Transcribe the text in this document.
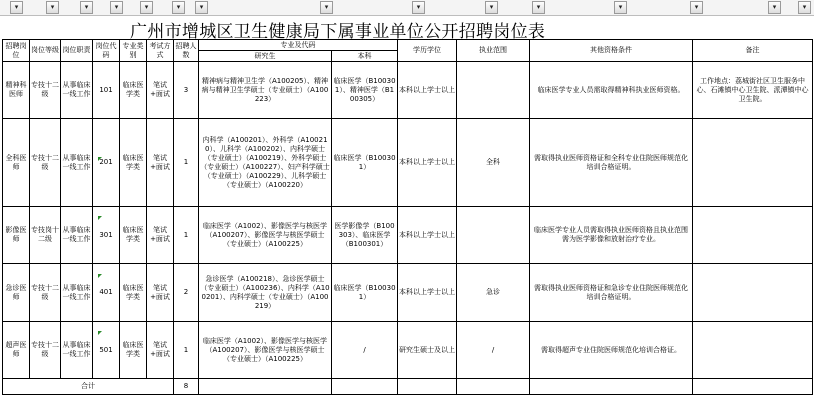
▾	▾	▾	▾	▾	▾	▾	▾	▾	▾	▾	▾	▾	▾	▾
广州市增城区卫生健康局下属事业单位公开招聘岗位表
招聘岗位	岗位等级	岗位职责	岗位代码	专业类别	考试方式	招聘人数	专业及代码		学历学位	执业范围	其他资格条件	备注
							研究生	本科				
精神科医师	专技十二级	从事临床一线工作	101	临床医学类	笔试+面试	3	精神病与精神卫生学（A100205）、精神病与精神卫生学硕士（专业硕士）（A100223）	临床医学（B100301）、精神医学（B100305）	本科以上学士以上		临床医学专业人员需取得精神科执业医师资格。	工作地点：荔城街社区卫生服务中心、石滩镇中心卫生院、派潭镇中心卫生院。
全科医师	专技十二级	从事临床一线工作	201	临床医学类	笔试+面试	1	内科学（A100201）、外科学（A100210）、儿科学（A100202）、内科学硕士（专业硕士）（A100219）、外科学硕士（专业硕士）（A100227）、妇产科学硕士（专业硕士）（A100229）、儿科学硕士（专业硕士）（A100220）	临床医学（B100301）	本科以上学士以上	全科	需取得执业医师资格证和全科专业住院医师规范化培训合格证明。	
影像医师	专技岗十二级	从事临床一线工作	301	临床医学类	笔试+面试	1	临床医学（A1002）、影像医学与核医学（A100207）、影像医学与核医学硕士（专业硕士）（A100225）	医学影像学（B100303）、临床医学（B100301）	本科以上学士以上		临床医学专业人员需取得执业医师资格且执业范围需为医学影像和放射治疗专业。	
急诊医师	专技十二级	从事临床一线工作	401	临床医学类	笔试+面试	2	急诊医学（A100218）、急诊医学硕士（专业硕士）（A100236）、内科学（A100201）、内科学硕士（专业硕士）（A100219）	临床医学（B100301）	本科以上学士以上	急诊	需取得执业医师资格证和急诊专业住院医师规范化培训合格证明。	
超声医师	专技十二级	从事临床一线工作	501	临床医学类	笔试+面试	1	临床医学（A1002）、影像医学与核医学（A100207）、影像医学与核医学硕士（专业硕士）（A100225）	/	研究生硕士及以上	/	需取得超声专业住院医师规范化培训合格证。	
合计						8						
